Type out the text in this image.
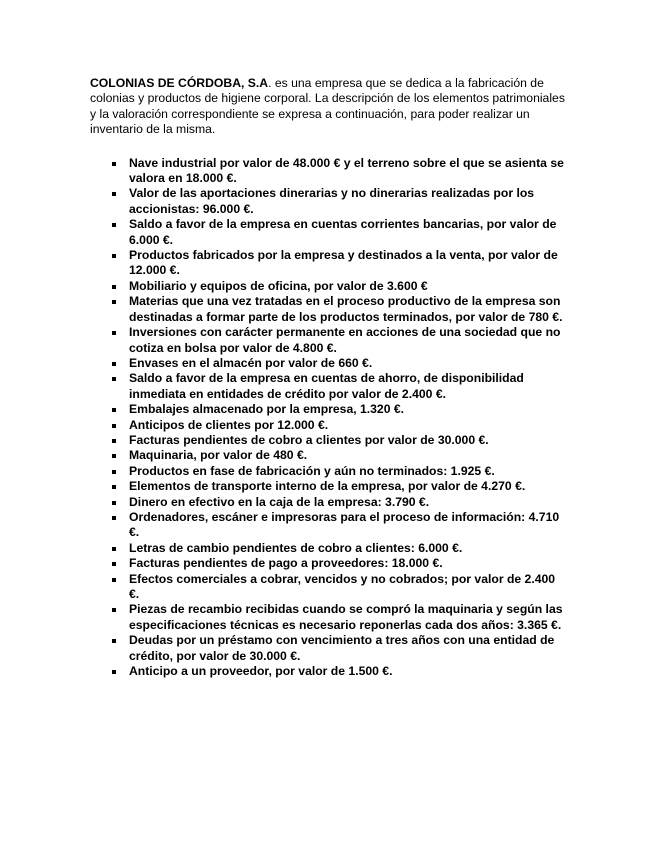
COLONIAS DE CÓRDOBA, S.A. es una empresa que se dedica a la fabricación de colonias y productos de higiene corporal. La descripción de los elementos patrimoniales y la valoración correspondiente se expresa a continuación, para poder realizar un inventario de la misma.

Nave industrial por valor de 48.000 € y el terreno sobre el que se asienta se valora en 18.000 €.
Valor de las aportaciones dinerarias y no dinerarias realizadas por los accionistas: 96.000 €.
Saldo a favor de la empresa en cuentas corrientes bancarias, por valor de 6.000 €.
Productos fabricados por la empresa y destinados a la venta, por valor de 12.000 €.
Mobiliario y equipos de oficina, por valor de 3.600 €
Materias que una vez tratadas en el proceso productivo de la empresa son destinadas a formar parte de los productos terminados, por valor de 780 €.
Inversiones con carácter permanente en acciones de una sociedad que no cotiza en bolsa por valor de 4.800 €.
Envases en el almacén por valor de 660 €.
Saldo a favor de la empresa en cuentas de ahorro, de disponibilidad inmediata en entidades de crédito por valor de 2.400 €.
Embalajes almacenado por la empresa, 1.320 €.
Anticipos de clientes por 12.000 €.
Facturas pendientes de cobro a clientes por valor de 30.000 €.
Maquinaria, por valor de 480 €.
Productos en fase de fabricación y aún no terminados: 1.925 €.
Elementos de transporte interno de la empresa, por valor de 4.270 €.
Dinero en efectivo en la caja de la empresa: 3.790 €.
Ordenadores, escáner e impresoras para el proceso de información: 4.710 €.
Letras de cambio pendientes de cobro a clientes: 6.000 €.
Facturas pendientes de pago a proveedores: 18.000 €.
Efectos comerciales a cobrar, vencidos y no cobrados; por valor de 2.400 €.
Piezas de recambio recibidas cuando se compró la maquinaria y según las especificaciones técnicas es necesario reponerlas cada dos años: 3.365 €.
Deudas por un préstamo con vencimiento a tres años con una entidad de crédito, por valor de 30.000 €.
Anticipo a un proveedor, por valor de 1.500 €.
